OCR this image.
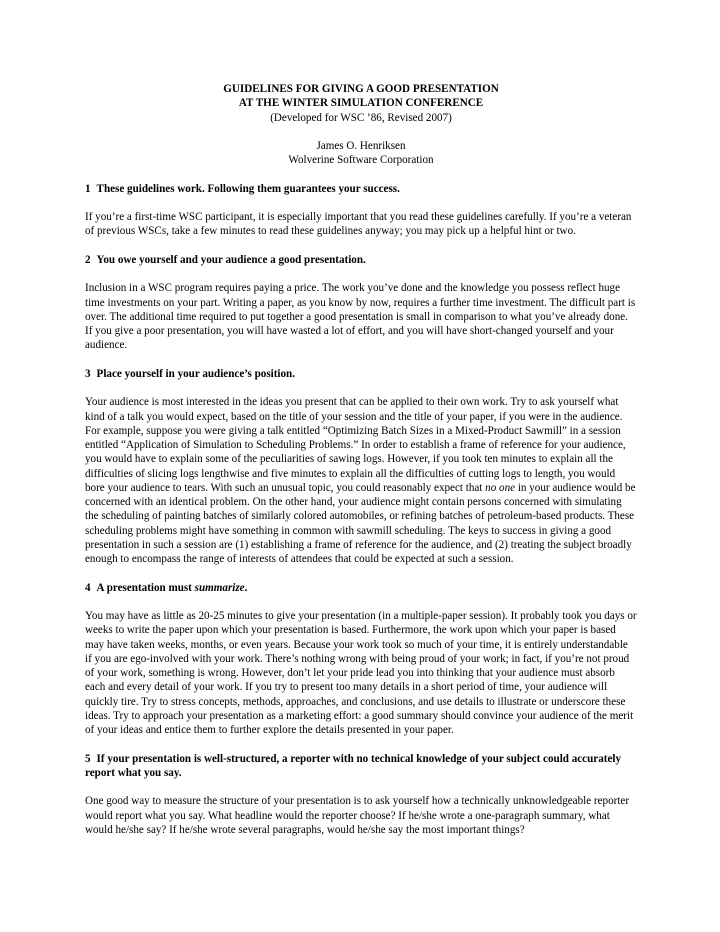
GUIDELINES FOR GIVING A GOOD PRESENTATION
AT THE WINTER SIMULATION CONFERENCE
(Developed for WSC ’86, Revised 2007)
James O. Henriksen
Wolverine Software Corporation
1 These guidelines work. Following them guarantees your success.

If you’re a first-time WSC participant, it is especially important that you read these guidelines carefully. If you’re a veteran of previous WSCs, take a few minutes to read these guidelines anyway; you may pick up a helpful hint or two.

2 You owe yourself and your audience a good presentation.

Inclusion in a WSC program requires paying a price. The work you’ve done and the knowledge you possess reflect huge time investments on your part. Writing a paper, as you know by now, requires a further time investment. The difficult part is over. The additional time required to put together a good presentation is small in comparison to what you’ve already done. If you give a poor presentation, you will have wasted a lot of effort, and you will have short-changed yourself and your audience.

3 Place yourself in your audience’s position.

Your audience is most interested in the ideas you present that can be applied to their own work. Try to ask yourself what kind of a talk you would expect, based on the title of your session and the title of your paper, if you were in the audience. For example, suppose you were giving a talk entitled “Optimizing Batch Sizes in a Mixed-Product Sawmill” in a session entitled “Application of Simulation to Scheduling Problems.” In order to establish a frame of reference for your audience, you would have to explain some of the peculiarities of sawing logs. However, if you took ten minutes to explain all the difficulties of slicing logs lengthwise and five minutes to explain all the difficulties of cutting logs to length, you would bore your audience to tears. With such an unusual topic, you could reasonably expect that no one in your audience would be concerned with an identical problem. On the other hand, your audience might contain persons concerned with simulating the scheduling of painting batches of similarly colored automobiles, or refining batches of petroleum-based products. These scheduling problems might have something in common with sawmill scheduling. The keys to success in giving a good presentation in such a session are (1) establishing a frame of reference for the audience, and (2) treating the subject broadly enough to encompass the range of interests of attendees that could be expected at such a session.

4 A presentation must summarize.

You may have as little as 20-25 minutes to give your presentation (in a multiple-paper session). It probably took you days or weeks to write the paper upon which your presentation is based. Furthermore, the work upon which your paper is based may have taken weeks, months, or even years. Because your work took so much of your time, it is entirely understandable if you are ego-involved with your work. There’s nothing wrong with being proud of your work; in fact, if you’re not proud of your work, something is wrong. However, don’t let your pride lead you into thinking that your audience must absorb each and every detail of your work. If you try to present too many details in a short period of time, your audience will quickly tire. Try to stress concepts, methods, approaches, and conclusions, and use details to illustrate or underscore these ideas. Try to approach your presentation as a marketing effort: a good summary should convince your audience of the merit of your ideas and entice them to further explore the details presented in your paper.

5 If your presentation is well-structured, a reporter with no technical knowledge of your subject could accurately report what you say.

One good way to measure the structure of your presentation is to ask yourself how a technically unknowledgeable reporter would report what you say. What headline would the reporter choose? If he/she wrote a one-paragraph summary, what would he/she say? If he/she wrote several paragraphs, would he/she say the most important things?
